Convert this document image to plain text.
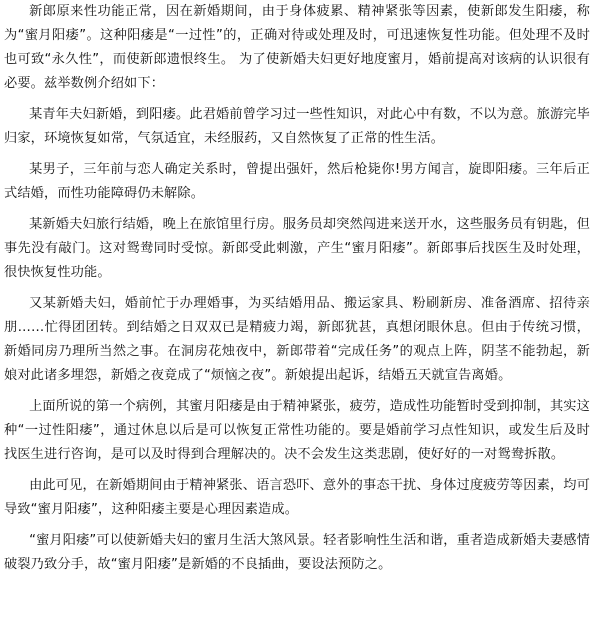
新郎原来性功能正常，因在新婚期间，由于身体疲累、精神紧张等因素，使新郎发生阳痿，称为“蜜月阳痿”。这种阳痿是“一过性”的，正确对待或处理及时，可迅速恢复性功能。但处理不及时也可致“永久性”，而使新郎遗恨终生。 为了使新婚夫妇更好地度蜜月，婚前提高对该病的认识很有必要。兹举数例介绍如下：

某青年夫妇新婚，到阳痿。此君婚前曾学习过一些性知识，对此心中有数，不以为意。旅游完毕归家，环境恢复如常，气氛适宜，未经服药，又自然恢复了正常的性生活。

某男子，三年前与恋人确定关系时，曾提出强奸，然后枪毙你!男方闻言，旋即阳痿。三年后正式结婚，而性功能障碍仍未解除。

某新婚夫妇旅行结婚，晚上在旅馆里行房。服务员却突然闯进来送开水，这些服务员有钥匙，但事先没有敲门。这对鸳鸯同时受惊。新郎受此刺激，产生“蜜月阳痿”。新郎事后找医生及时处理，很快恢复性功能。

又某新婚夫妇，婚前忙于办理婚事，为买结婚用品、搬运家具、粉刷新房、准备酒席、招待亲朋……忙得团团转。到结婚之日双双已是精疲力竭，新郎犹甚，真想闭眼休息。但由于传统习惯，新婚同房乃理所当然之事。在洞房花烛夜中，新郎带着“完成任务”的观点上阵，阴茎不能勃起，新娘对此诸多埋怨，新婚之夜竟成了“烦恼之夜”。新娘提出起诉，结婚五天就宣告离婚。

上面所说的第一个病例，其蜜月阳痿是由于精神紧张，疲劳，造成性功能暂时受到抑制，其实这种“一过性阳痿”，通过休息以后是可以恢复正常性功能的。要是婚前学习点性知识，或发生后及时找医生进行咨询，是可以及时得到合理解决的。决不会发生这类悲剧，使好好的一对鸳鸯拆散。

由此可见，在新婚期间由于精神紧张、语言恐吓、意外的事态干扰、身体过度疲劳等因素，均可导致“蜜月阳痿”，这种阳痿主要是心理因素造成。

“蜜月阳痿”可以使新婚夫妇的蜜月生活大煞风景。轻者影响性生活和谐，重者造成新婚夫妻感情破裂乃致分手，故“蜜月阳痿”是新婚的不良插曲，要设法预防之。
